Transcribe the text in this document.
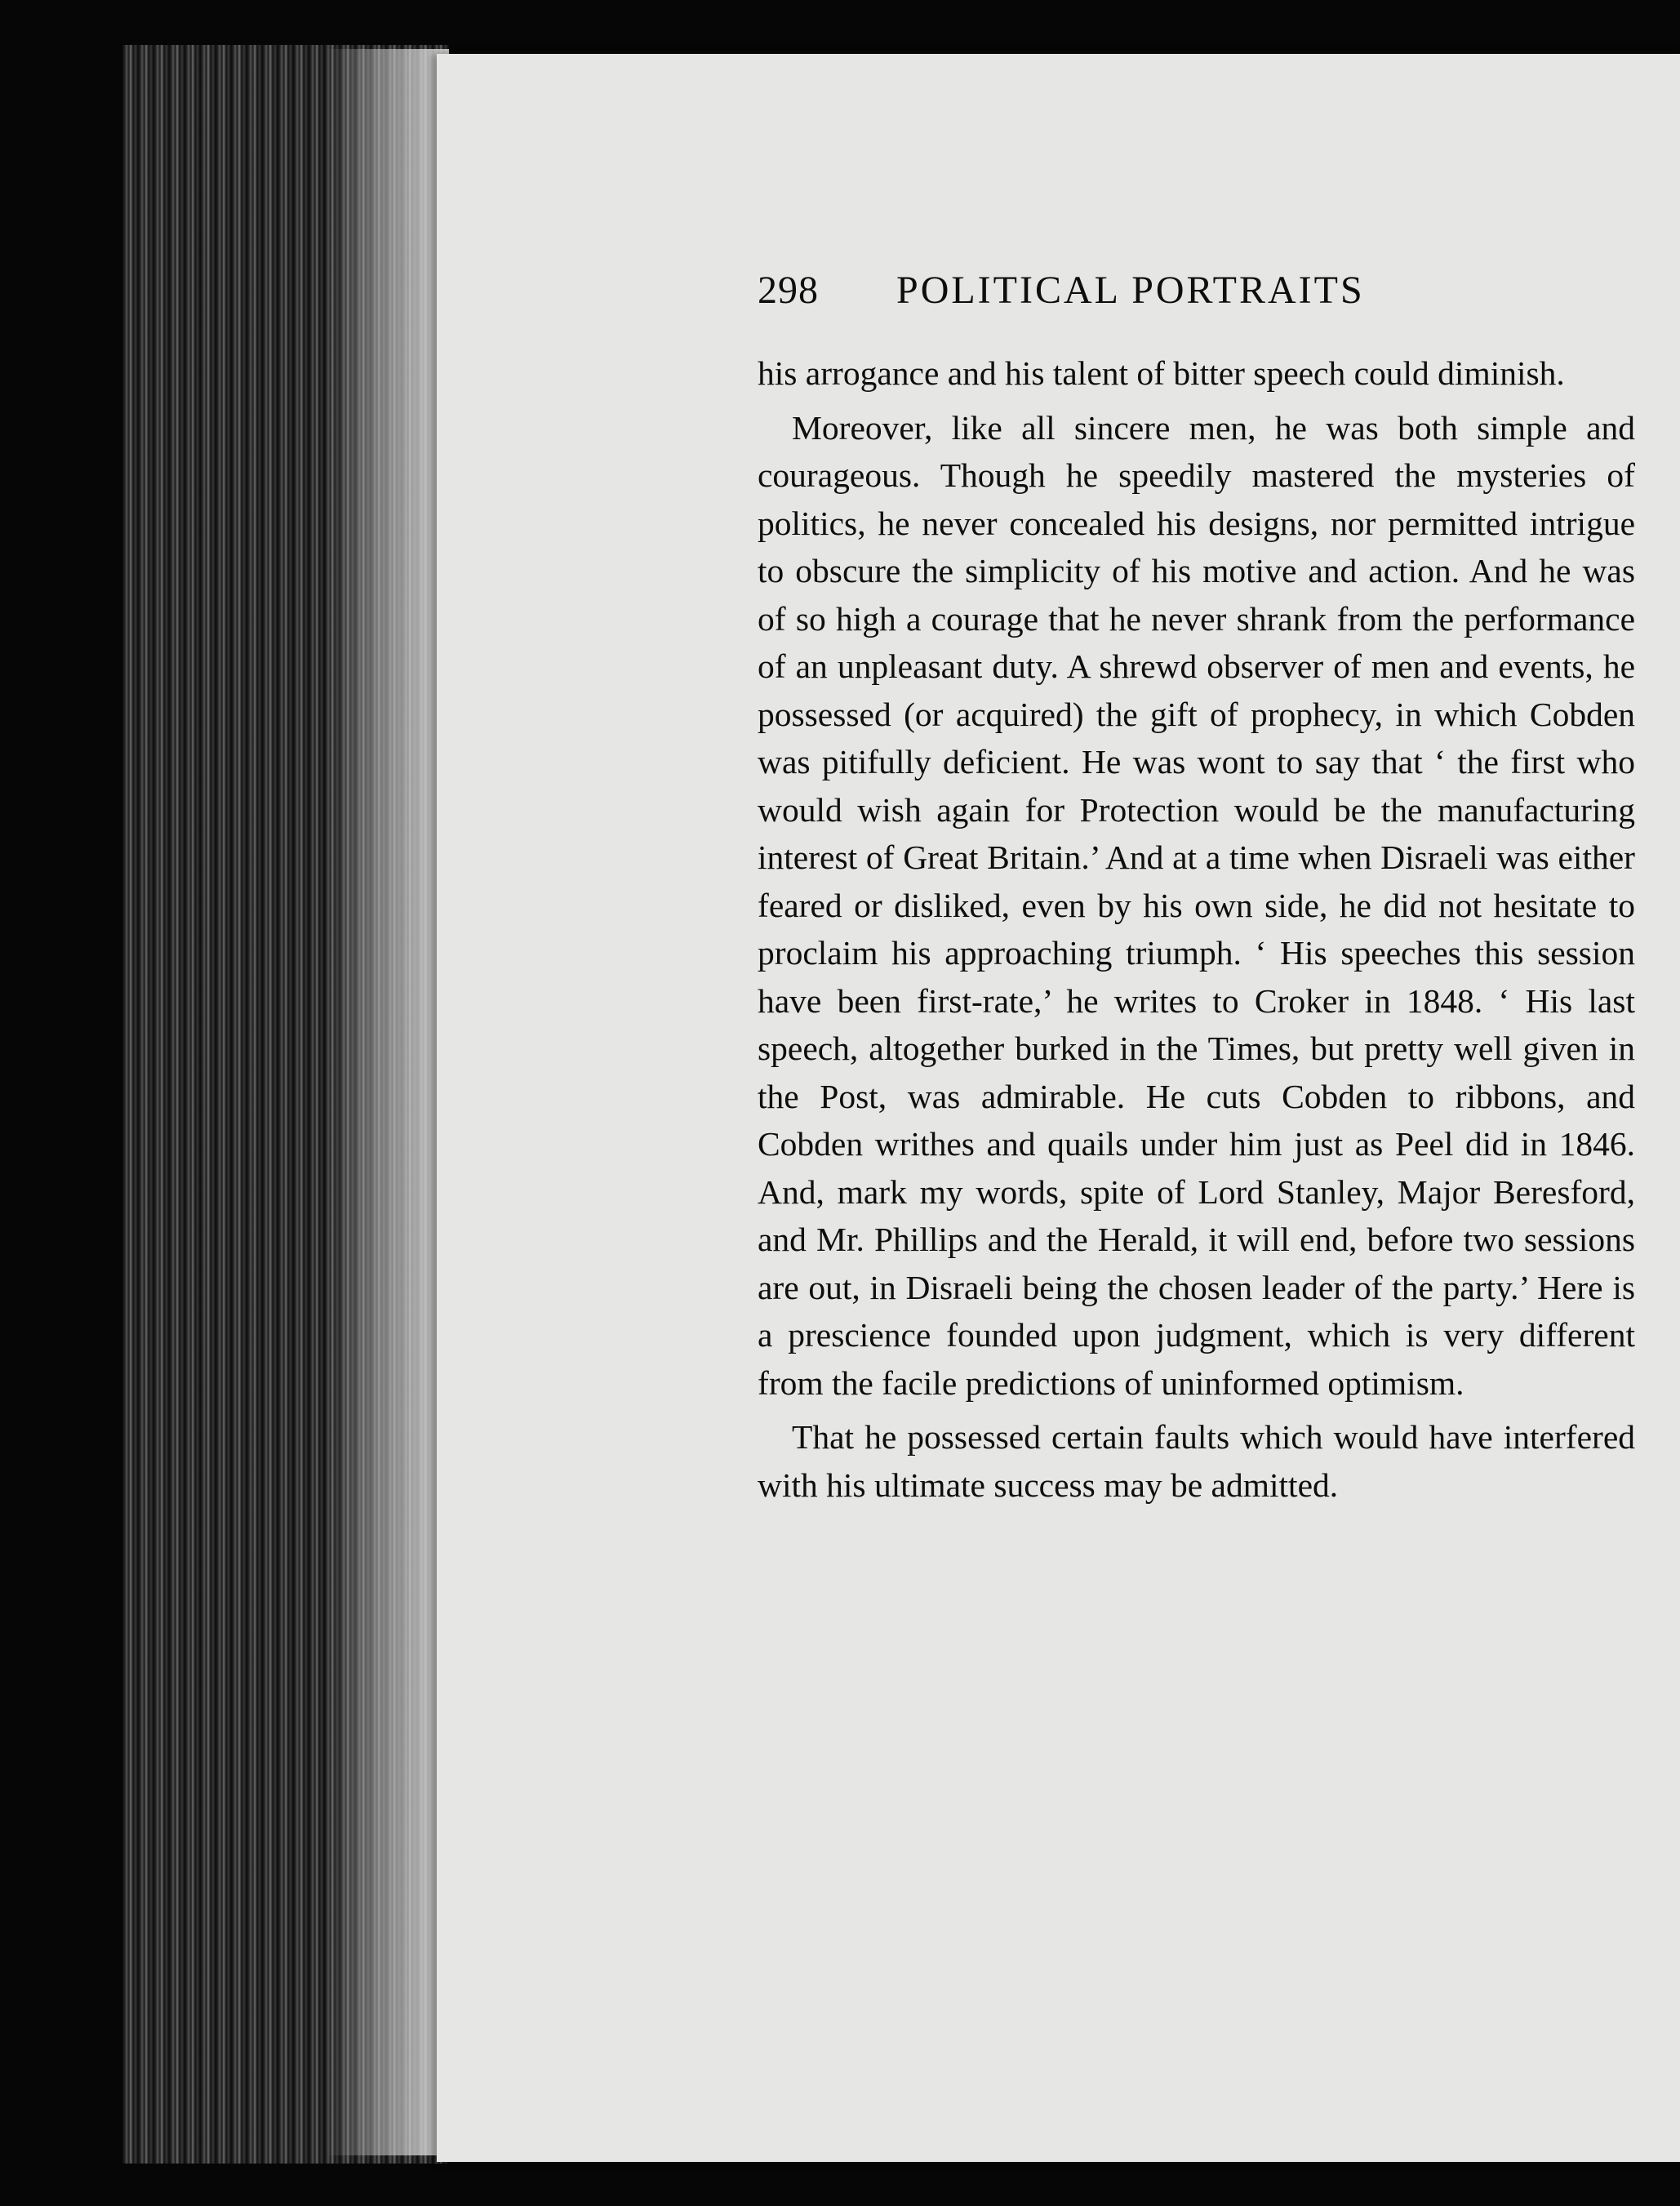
298	POLITICAL PORTRAITS

his arrogance and his talent of bitter speech could diminish.

Moreover, like all sincere men, he was both simple and courageous. Though he speedily mastered the mysteries of politics, he never concealed his designs, nor permitted intrigue to obscure the simplicity of his motive and action. And he was of so high a courage that he never shrank from the performance of an unpleasant duty. A shrewd observer of men and events, he possessed (or acquired) the gift of prophecy, in which Cobden was pitifully deficient. He was wont to say that ‘ the first who would wish again for Protection would be the manufacturing interest of Great Britain.’ And at a time when Disraeli was either feared or disliked, even by his own side, he did not hesitate to proclaim his approaching triumph. ‘ His speeches this session have been first-rate,’ he writes to Croker in 1848. ‘ His last speech, altogether burked in the Times, but pretty well given in the Post, was admirable. He cuts Cobden to ribbons, and Cobden writhes and quails under him just as Peel did in 1846. And, mark my words, spite of Lord Stanley, Major Beresford, and Mr. Phillips and the Herald, it will end, before two sessions are out, in Disraeli being the chosen leader of the party.’ Here is a prescience founded upon judgment, which is very different from the facile predictions of uninformed optimism.

That he possessed certain faults which would have interfered with his ultimate success may be admitted.
